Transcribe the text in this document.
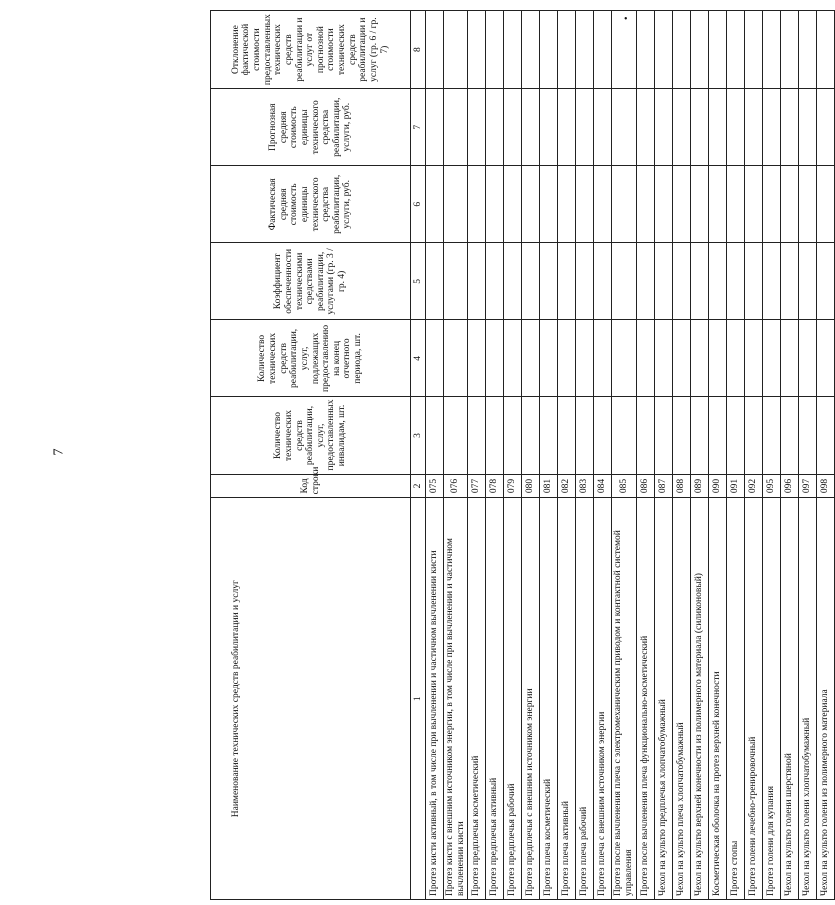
7
•
Наименование технических средств реабилитации и услуг	Код строки	Количество технических средств реабилитации, услуг, предоставленных инвалидам, шт.	Количество технических средств реабилитации, услуг, подлежащих предоставлению на конец отчетного периода, шт.	Коэффициент обеспеченности техническими средствами реабилитации, услугами (гр. 3 / гр. 4)	Фактическая средняя стоимость единицы технического средства реабилитации, услуги, руб.	Прогнозная средняя стоимость единицы технического средства реабилитации, услуги, руб.	Отклонение фактической стоимости предоставленных технических средств реабилитации и услуг от прогнозной стоимости технических средств реабилитации и услуг (гр. 6 / гр. 7)
1	2	3	4	5	6	7	8
Протез кисти активный, в том числе при вычленении и частичном вычленении кисти	075						
Протез кисти с внешним источником энергии, в том числе при вычленении и частичном вычленении кисти	076						
Протез предплечья косметический	077						
Протез предплечья активный	078						
Протез предплечья рабочий	079						
Протез предплечья с внешним источником энергии	080						
Протез плеча косметический	081						
Протез плеча активный	082						
Протез плеча рабочий	083						
Протез плеча с внешним источником энергии	084						
Протез после вычленения плеча с электромеханическим приводом и контактной системой управления	085						
Протез после вычленения плеча функционально-косметический	086						
Чехол на культю предплечья хлопчатобумажный	087						
Чехол на культю плеча хлопчатобумажный	088						
Чехол на культю верхней конечности из полимерного материала (силиконовый)	089						
Косметическая оболочка на протез верхней конечности	090						
Протез стопы	091						
Протез голени лечебно-тренировочный	092						
Протез голени для купания	095						
Чехол на культю голени шерстяной	096						
Чехол на культю голени хлопчатобумажный	097						
Чехол на культю голени из полимерного материала	098						
